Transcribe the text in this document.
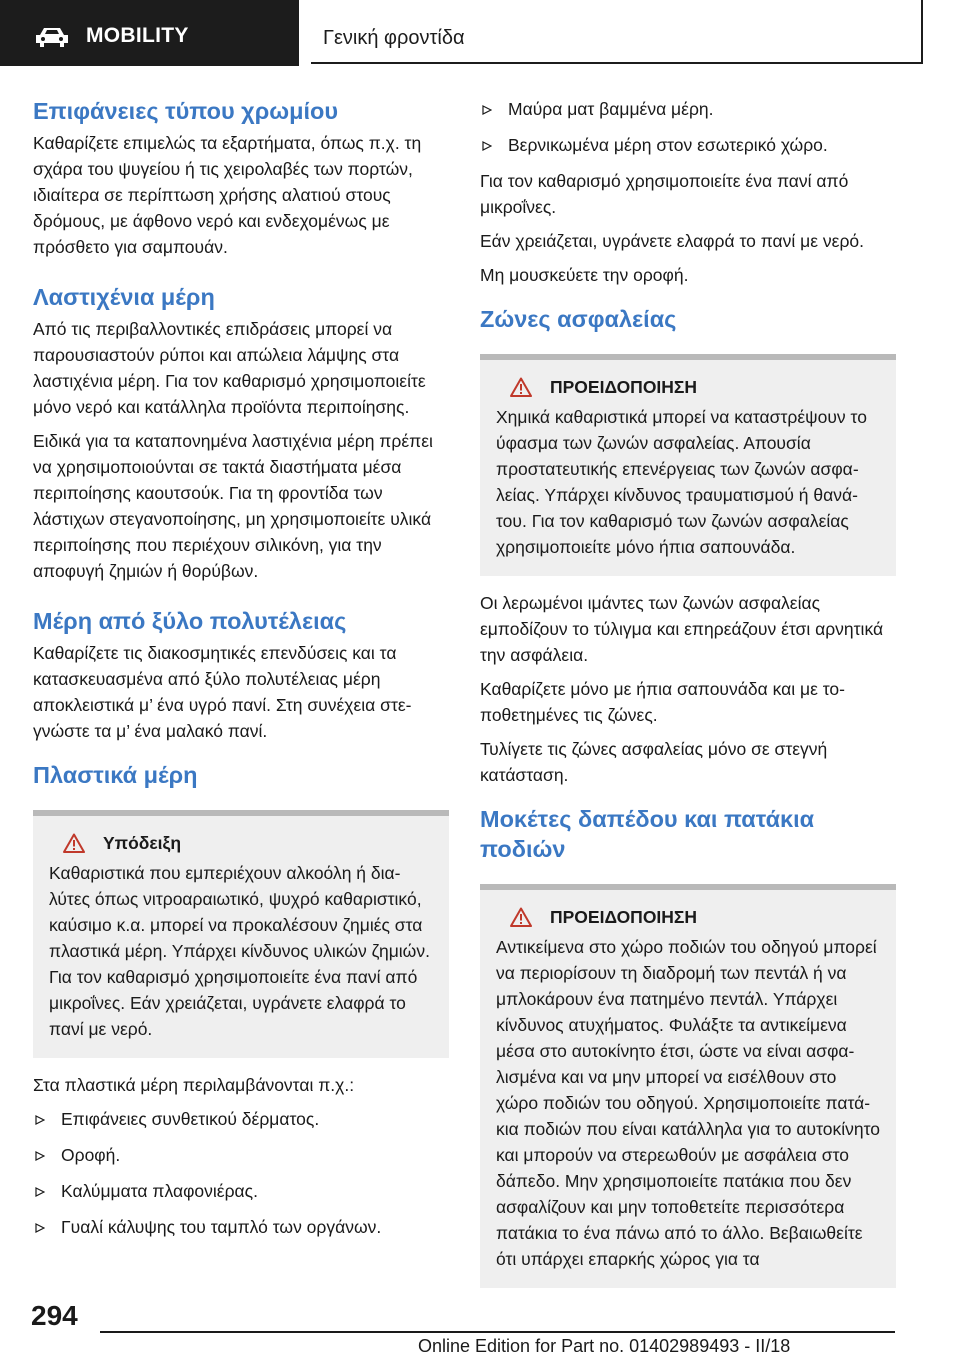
MOBILITY	Γενική φροντίδα
Επιφάνειες τύπου χρωμίου

Καθαρίζετε επιμελώς τα εξαρτήματα, όπως π.χ. τη σχάρα του ψυγείου ή τις χειρολαβές των πορτών, ιδιαίτερα σε περίπτωση χρήσης αλατιού στους δρόμους, με άφθονο νερό και ενδεχομένως με πρόσθετο για σαμπουάν.

Λαστιχένια μέρη

Από τις περιβαλλοντικές επιδράσεις μπορεί να παρουσιαστούν ρύποι και απώλεια λάμψης στα λαστιχένια μέρη. Για τον καθαρισμό χρησιμοποιείτε μόνο νερό και κατάλληλα προϊόντα περιποίησης.

Ειδικά για τα καταπονημένα λαστιχένια μέρη πρέπει να χρησιμοποιούνται σε τακτά διαστήματα μέσα περιποίησης καουτσούκ. Για τη φροντίδα των λάστιχων στεγανοποίησης, μη χρησιμοποιείτε υλικά περιποίησης που περιέχουν σιλικόνη, για την αποφυγή ζημιών ή θορύβων.

Μέρη από ξύλο πολυτέλειας

Καθαρίζετε τις διακοσμητικές επενδύσεις και τα κατασκευασμένα από ξύλο πολυτέλειας μέρη αποκλειστικά μ’ ένα υγρό πανί. Στη συνέχεια στεγνώστε τα μ’ ένα μαλακό πανί.

Πλαστικά μέρη
Υπόδειξη

Καθαριστικά που εμπεριέχουν αλκοόλη ή διαλύτες όπως νιτροαραιωτικό, ψυχρό καθαριστικό, καύσιμο κ.α. μπορεί να προκαλέσουν ζημιές στα πλαστικά μέρη. Υπάρχει κίνδυνος υλικών ζημιών. Για τον καθαρισμό χρησιμοποιείτε ένα πανί από μικροΐνες. Εάν χρειάζεται, υγράνετε ελαφρά το πανί με νερό.

Στα πλαστικά μέρη περιλαμβάνονται π.χ.:

Επιφάνειες συνθετικού δέρματος.
Οροφή.
Καλύμματα πλαφονιέρας.
Γυαλί κάλυψης του ταμπλό των οργάνων.
Μαύρα ματ βαμμένα μέρη.
Βερνικωμένα μέρη στον εσωτερικό χώρο.

Για τον καθαρισμό χρησιμοποιείτε ένα πανί από μικροΐνες.

Εάν χρειάζεται, υγράνετε ελαφρά το πανί με νερό.

Μη μουσκεύετε την οροφή.

Ζώνες ασφαλείας
ΠΡΟΕΙΔΟΠΟΙΗΣΗ

Χημικά καθαριστικά μπορεί να καταστρέψουν το ύφασμα των ζωνών ασφαλείας. Απουσία προστατευτικής επενέργειας των ζωνών ασφαλείας. Υπάρχει κίνδυνος τραυματισμού ή θανάτου. Για τον καθαρισμό των ζωνών ασφαλείας χρησιμοποιείτε μόνο ήπια σαπουνάδα.

Οι λερωμένοι ιμάντες των ζωνών ασφαλείας εμποδίζουν το τύλιγμα και επηρεάζουν έτσι αρνητικά την ασφάλεια.

Καθαρίζετε μόνο με ήπια σαπουνάδα και με τοποθετημένες τις ζώνες.

Τυλίγετε τις ζώνες ασφαλείας μόνο σε στεγνή κατάσταση.

Μοκέτες δαπέδου και πατάκια ποδιών
ΠΡΟΕΙΔΟΠΟΙΗΣΗ

Αντικείμενα στο χώρο ποδιών του οδηγού μπορεί να περιορίσουν τη διαδρομή των πεντάλ ή να μπλοκάρουν ένα πατημένο πεντάλ. Υπάρχει κίνδυνος ατυχήματος. Φυλάξτε τα αντικείμενα μέσα στο αυτοκίνητο έτσι, ώστε να είναι ασφαλισμένα και να μην μπορεί να εισέλθουν στο χώρο ποδιών του οδηγού. Χρησιμοποιείτε πατάκια ποδιών που είναι κατάλληλα για το αυτοκίνητο και μπορούν να στερεωθούν με ασφάλεια στο δάπεδο. Μην χρησιμοποιείτε πατάκια που δεν ασφαλίζουν και μην τοποθετείτε περισσότερα πατάκια το ένα πάνω από το άλλο. Βεβαιωθείτε ότι υπάρχει επαρκής χώρος για τα

294
Online Edition for Part no. 01402989493 - II/18
